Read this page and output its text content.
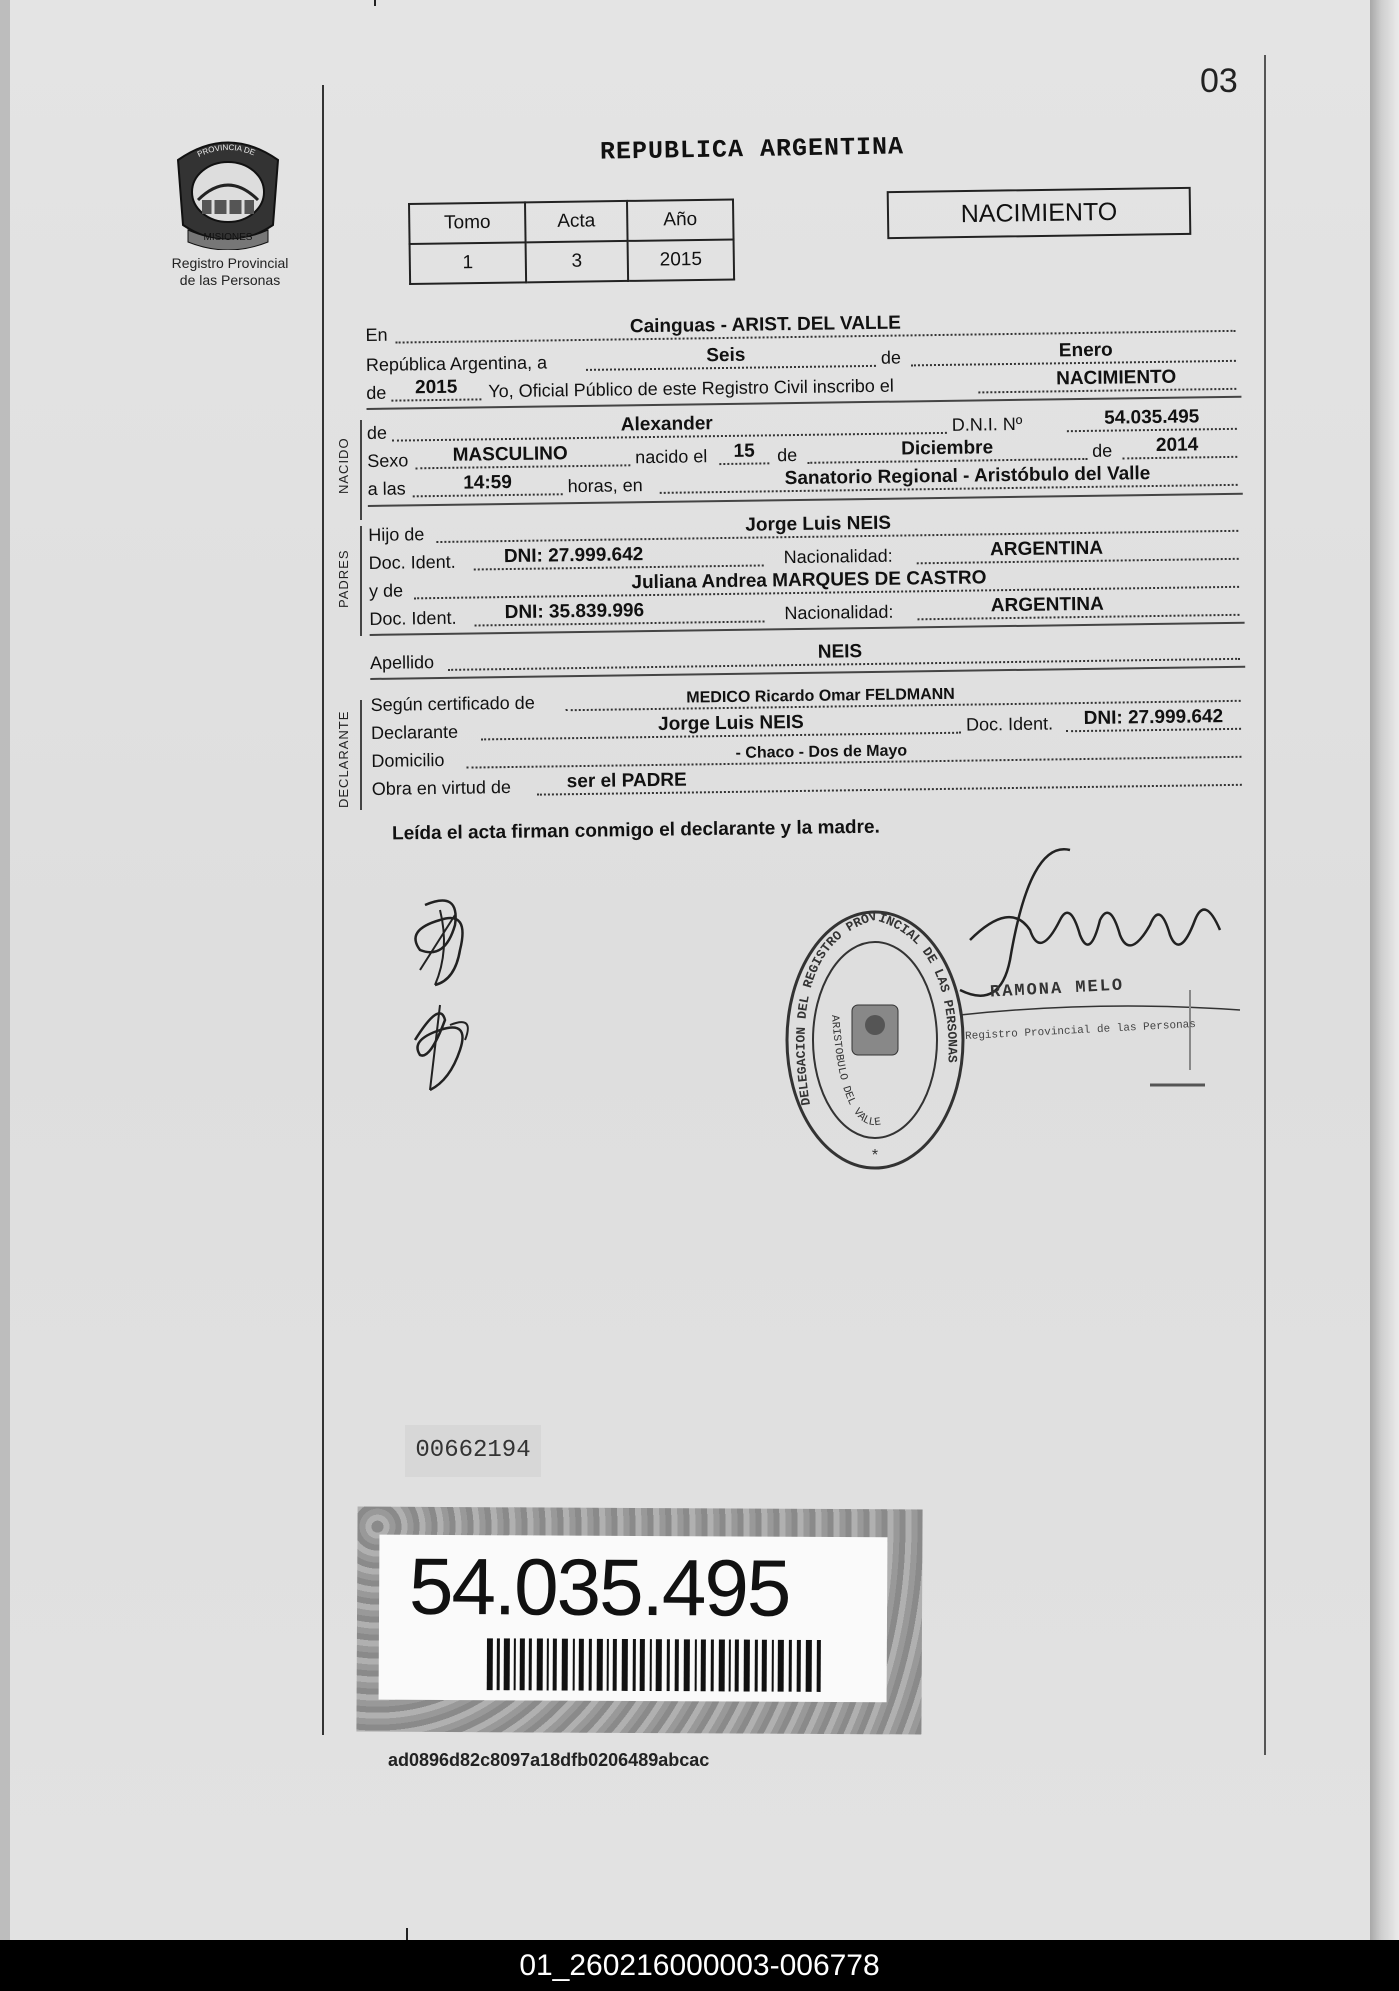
03
MISIONES
PROVINCIA DE
Registro Provincial
de las Personas
REPUBLICA ARGENTINA
Tomo	Acta	Año
1	3	2015
NACIMIENTO
En	Cainguas - ARIST. DEL VALLE
República Argentina, a	Seis	de	Enero
de	2015	Yo, Oficial Público de este Registro Civil inscribo el	NACIMIENTO
de	Alexander	D.N.I. Nº	54.035.495
Sexo	MASCULINO	nacido el	15	de	Diciembre	de	2014
a las	14:59	horas, en	Sanatorio Regional - Aristóbulo del Valle
Hijo de	Jorge Luis NEIS
Doc. Ident.	DNI: 27.999.642	Nacionalidad:	ARGENTINA
y de	Juliana Andrea MARQUES DE CASTRO
Doc. Ident.	DNI: 35.839.996	Nacionalidad:	ARGENTINA
Apellido	NEIS
Según certificado de	MEDICO Ricardo Omar FELDMANN
Declarante	Jorge Luis NEIS	Doc. Ident.	DNI: 27.999.642
Domicilio	- Chaco - Dos de Mayo
Obra en virtud de	ser el PADRE
NACIDO
PADRES
DECLARANTE
Leída el acta firman conmigo el declarante y la madre.
DELEGACION DEL REGISTRO PROVINCIAL DE LAS PERSONAS
ARISTOBULO DEL VALLE
*
RAMONA MELO
Registro Provincial de las Personas
00662194
54.035.495
ad0896d82c8097a18dfb0206489abcac
01_260216000003-006778
